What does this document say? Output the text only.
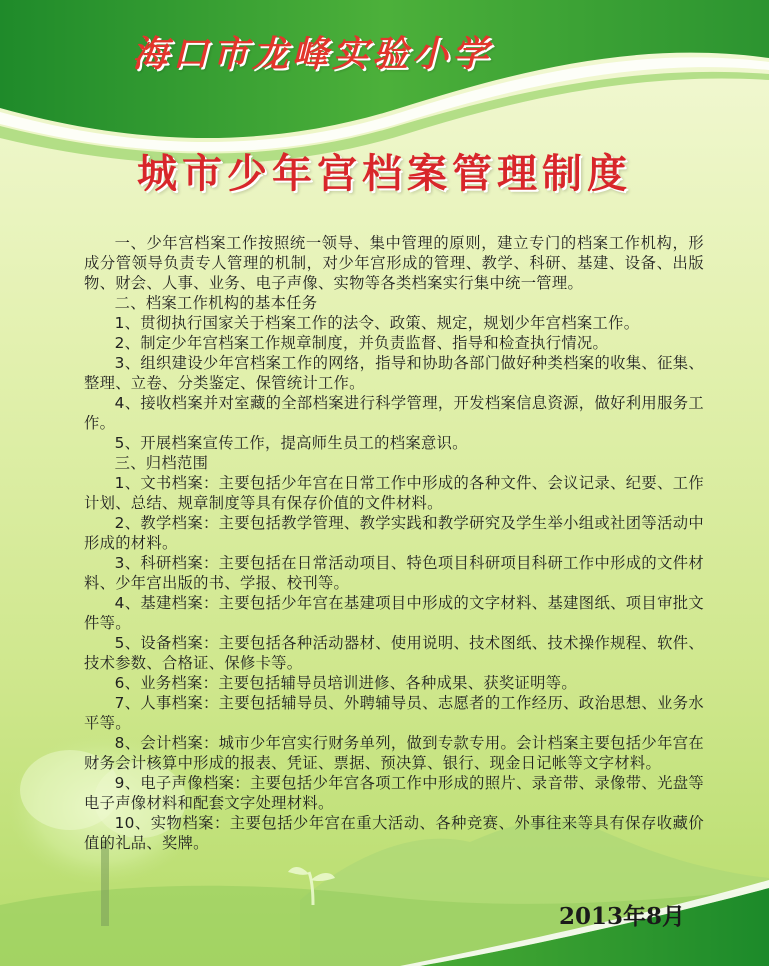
海口市龙峰实验小学
城市少年宫档案管理制度

一、少年宫档案工作按照统一领导、集中管理的原则，建立专门的档案工作机构，形成分管领导负责专人管理的机制，对少年宫形成的管理、教学、科研、基建、设备、出版物、财会、人事、业务、电子声像、实物等各类档案实行集中统一管理。

二、档案工作机构的基本任务

1、贯彻执行国家关于档案工作的法令、政策、规定，规划少年宫档案工作。

2、制定少年宫档案工作规章制度，并负责监督、指导和检查执行情况。

3、组织建设少年宫档案工作的网络，指导和协助各部门做好种类档案的收集、征集、整理、立卷、分类鉴定、保管统计工作。

4、接收档案并对室藏的全部档案进行科学管理，开发档案信息资源，做好利用服务工作。

5、开展档案宣传工作，提高师生员工的档案意识。

三、归档范围

1、文书档案：主要包括少年宫在日常工作中形成的各种文件、会议记录、纪要、工作计划、总结、规章制度等具有保存价值的文件材料。

2、教学档案：主要包括教学管理、教学实践和教学研究及学生举小组或社团等活动中形成的材料。

3、科研档案：主要包括在日常活动项目、特色项目科研项目科研工作中形成的文件材料、少年宫出版的书、学报、校刊等。

4、基建档案：主要包括少年宫在基建项目中形成的文字材料、基建图纸、项目审批文件等。

5、设备档案：主要包括各种活动器材、使用说明、技术图纸、技术操作规程、软件、技术参数、合格证、保修卡等。

6、业务档案：主要包括辅导员培训进修、各种成果、获奖证明等。

7、人事档案：主要包括辅导员、外聘辅导员、志愿者的工作经历、政治思想、业务水平等。

8、会计档案：城市少年宫实行财务单列，做到专款专用。会计档案主要包括少年宫在财务会计核算中形成的报表、凭证、票据、预决算、银行、现金日记帐等文字材料。

9、电子声像档案：主要包括少年宫各项工作中形成的照片、录音带、录像带、光盘等电子声像材料和配套文字处理材料。

10、实物档案：主要包括少年宫在重大活动、各种竞赛、外事往来等具有保存收藏价值的礼品、奖牌。

2013年8月
